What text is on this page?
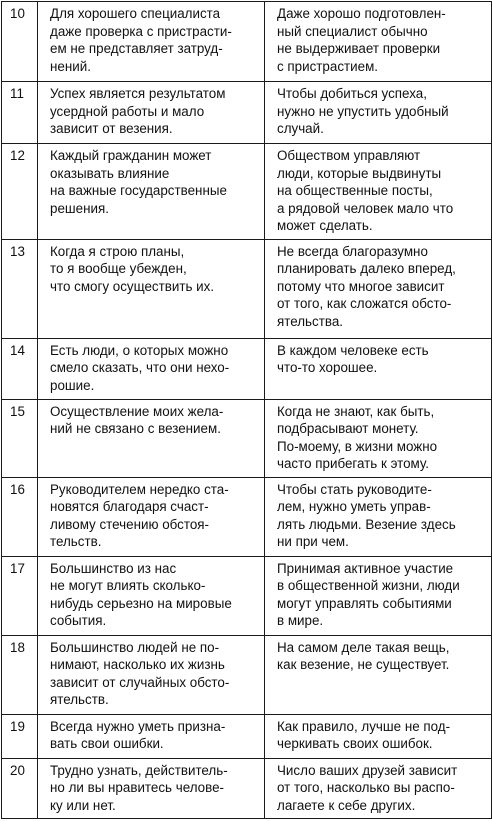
10	Для хорошего специалиста
даже проверка с пристрасти-
ем не представляет затруд-
нений.	Даже хорошо подготовлен-
ный специалист обычно
не выдерживает проверки
с пристрастием.

11	Успех является результатом
усердной работы и мало
зависит от везения.	Чтобы добиться успеха,
нужно не упустить удобный
случай.

12	Каждый гражданин может
оказывать влияние
на важные государственные
решения.	Обществом управляют
люди, которые выдвинуты
на общественные посты,
а рядовой человек мало что
может сделать.

13	Когда я строю планы,
то я вообще убежден,
что смогу осуществить их.	Не всегда благоразумно
планировать далеко вперед,
потому что многое зависит
от того, как сложатся обсто-
ятельства.

14	Есть люди, о которых можно
смело сказать, что они нехо-
рошие.	В каждом человеке есть
что-то хорошее.

15	Осуществление моих жела-
ний не связано с везением.	Когда не знают, как быть,
подбрасывают монету.
По-моему, в жизни можно
часто прибегать к этому.

16	Руководителем нередко ста-
новятся благодаря счаст-
ливому стечению обстоя-
тельств.	Чтобы стать руководите-
лем, нужно уметь управ-
лять людьми. Везение здесь
ни при чем.

17	Большинство из нас
не могут влиять сколько-
нибудь серьезно на мировые
события.	Принимая активное участие
в общественной жизни, люди
могут управлять событиями
в мире.

18	Большинство людей не по-
нимают, насколько их жизнь
зависит от случайных обсто-
ятельств.	На самом деле такая вещь,
как везение, не существует.

19	Всегда нужно уметь призна-
вать свои ошибки.	Как правило, лучше не под-
черкивать своих ошибок.

20	Трудно узнать, действитель-
но ли вы нравитесь челове-
ку или нет.	Число ваших друзей зависит
от того, насколько вы распо-
лагаете к себе других.
